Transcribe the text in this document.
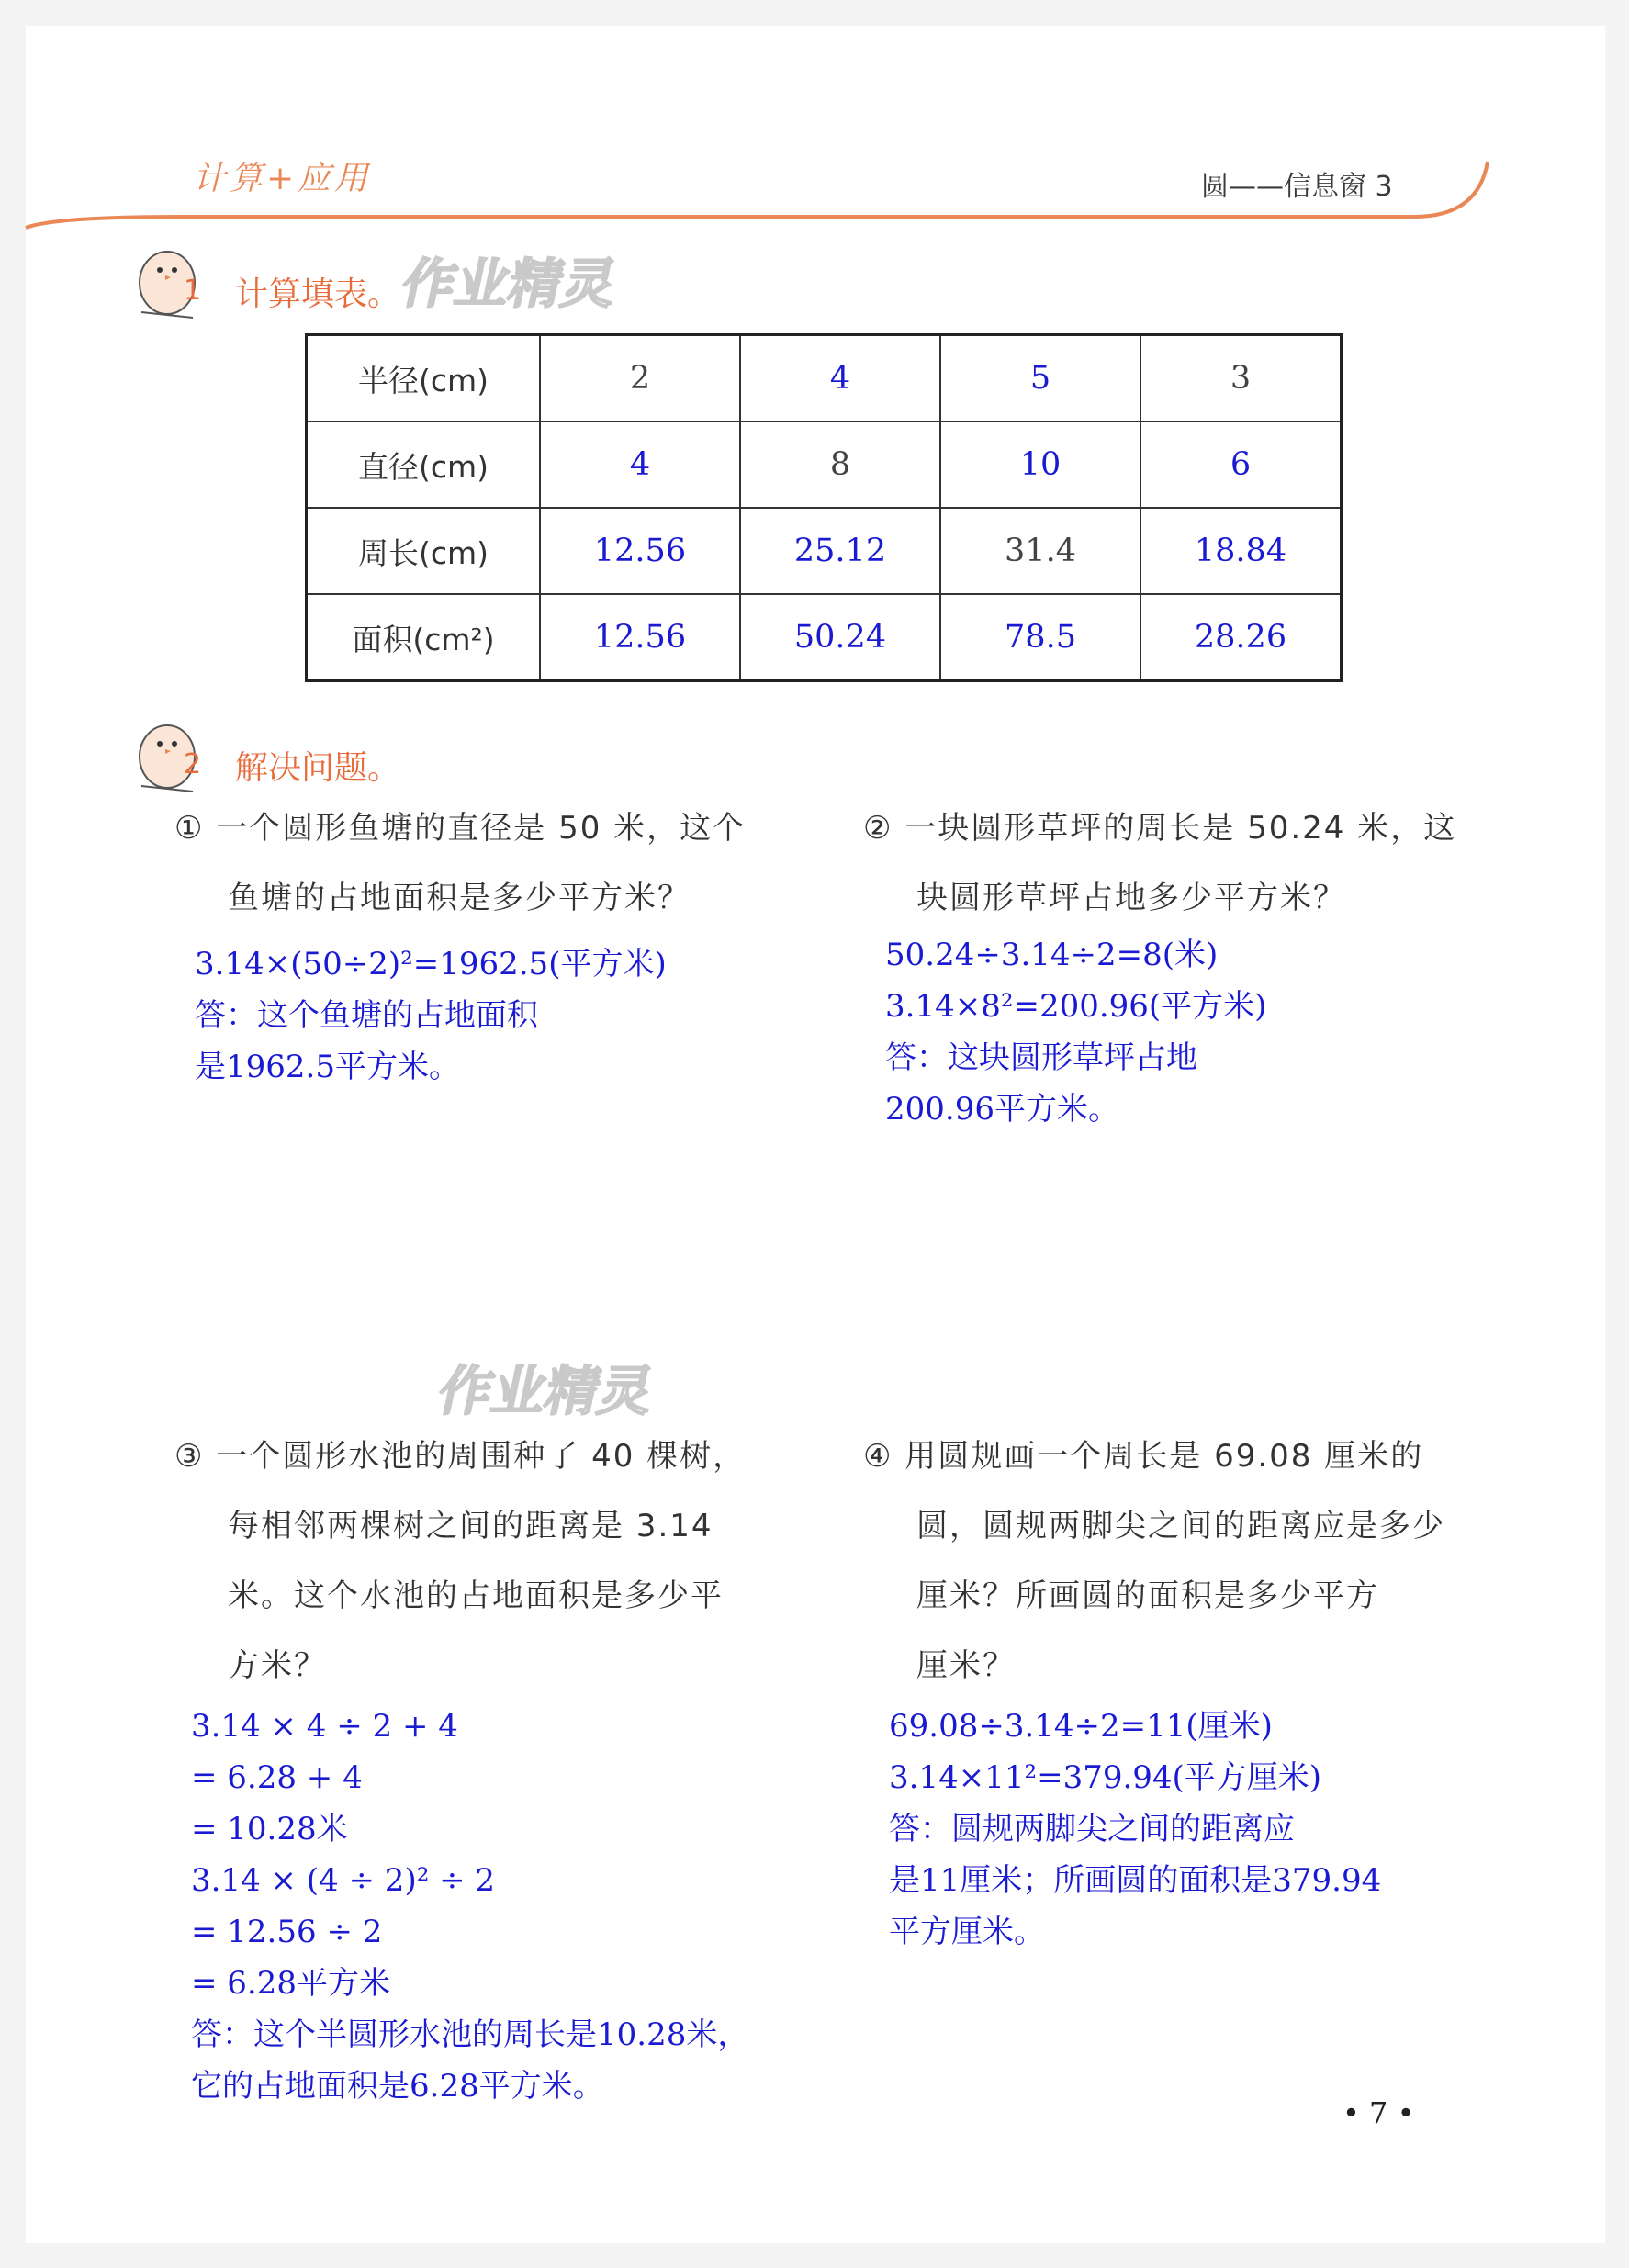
计算+应用	圆——信息窗 3
作业精灵
作业精灵
1 计算填表。
半径(cm)	2	4	5	3
直径(cm)	4	8	10	6
周长(cm)	12.56	25.12	31.4	18.84
面积(cm²)	12.56	50.24	78.5	28.26
2 解决问题。
① 一个圆形鱼塘的直径是 50 米，这个
鱼塘的占地面积是多少平方米？
3.14×(50÷2)²=1962.5(平方米)
答：这个鱼塘的占地面积
是1962.5平方米。
② 一块圆形草坪的周长是 50.24 米，这
块圆形草坪占地多少平方米？
50.24÷3.14÷2=8(米)
3.14×8²=200.96(平方米)
答：这块圆形草坪占地
200.96平方米。
③ 一个圆形水池的周围种了 40 棵树，
每相邻两棵树之间的距离是 3.14
米。这个水池的占地面积是多少平
方米？
3.14 × 4 ÷ 2 + 4
= 6.28 + 4
= 10.28米
3.14 × (4 ÷ 2)² ÷ 2
= 12.56 ÷ 2
= 6.28平方米
答：这个半圆形水池的周长是10.28米，
它的占地面积是6.28平方米。
④ 用圆规画一个周长是 69.08 厘米的
圆，圆规两脚尖之间的距离应是多少
厘米？所画圆的面积是多少平方
厘米？
69.08÷3.14÷2=11(厘米)
3.14×11²=379.94(平方厘米)
答：圆规两脚尖之间的距离应
是11厘米；所画圆的面积是379.94
平方厘米。
• 7 •
